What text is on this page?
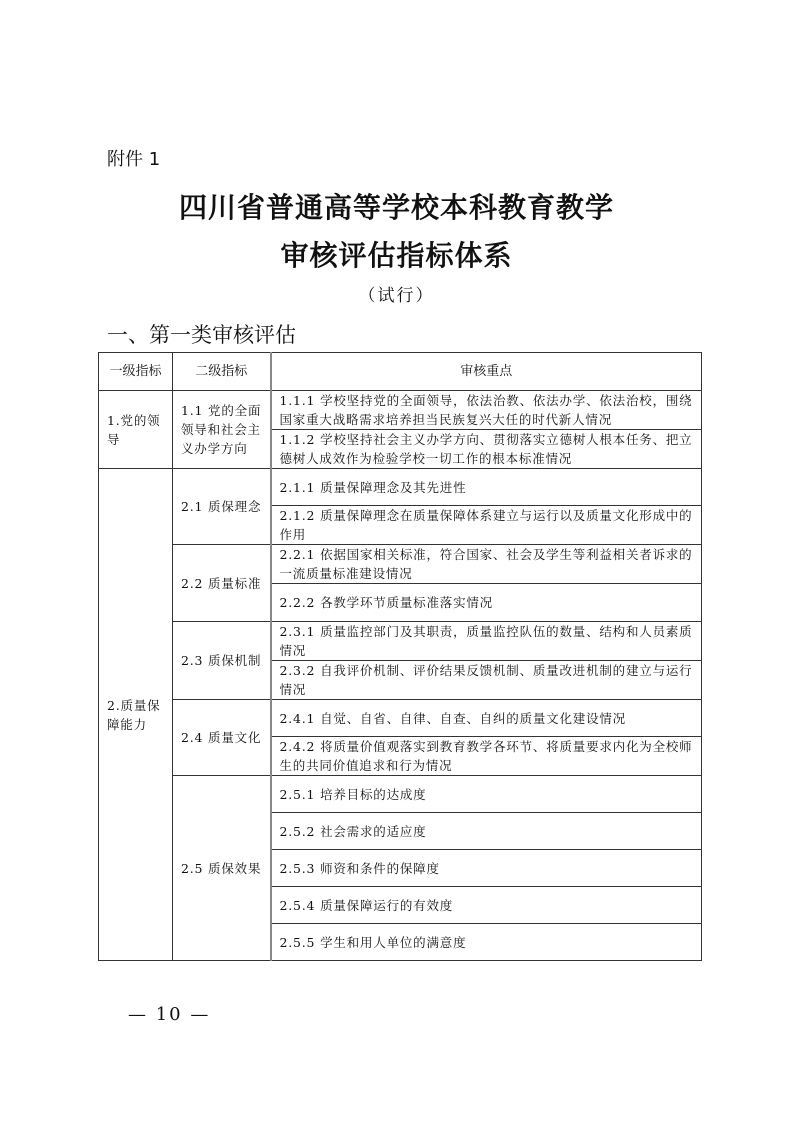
附件 1
四川省普通高等学校本科教育教学
审核评估指标体系
（试行）
一、第一类审核评估
一级指标	二级指标	审核重点
1.党的领导	1.1 党的全面领导和社会主义办学方向	1.1.1 学校坚持党的全面领导，依法治教、依法办学、依法治校，围绕国家重大战略需求培养担当民族复兴大任的时代新人情况
		1.1.2 学校坚持社会主义办学方向、贯彻落实立德树人根本任务、把立德树人成效作为检验学校一切工作的根本标准情况
2.质量保障能力	2.1 质保理念	2.1.1 质量保障理念及其先进性
		2.1.2 质量保障理念在质量保障体系建立与运行以及质量文化形成中的作用
	2.2 质量标准	2.2.1 依据国家相关标准，符合国家、社会及学生等利益相关者诉求的一流质量标准建设情况
		2.2.2 各教学环节质量标准落实情况
	2.3 质保机制	2.3.1 质量监控部门及其职责，质量监控队伍的数量、结构和人员素质情况
		2.3.2 自我评价机制、评价结果反馈机制、质量改进机制的建立与运行情况
	2.4 质量文化	2.4.1 自觉、自省、自律、自查、自纠的质量文化建设情况
		2.4.2 将质量价值观落实到教育教学各环节、将质量要求内化为全校师生的共同价值追求和行为情况
	2.5 质保效果	2.5.1 培养目标的达成度
		2.5.2 社会需求的适应度
		2.5.3 师资和条件的保障度
		2.5.4 质量保障运行的有效度
		2.5.5 学生和用人单位的满意度
— 10 —
